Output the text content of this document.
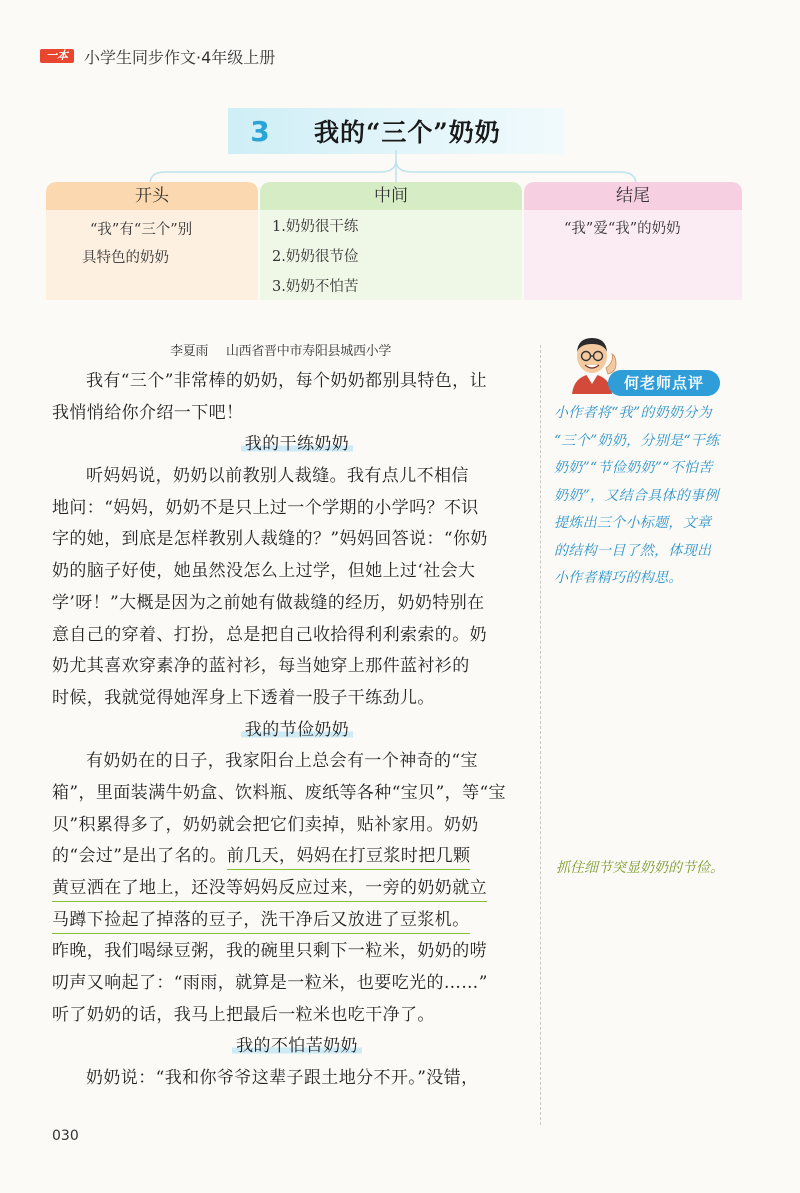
一本	小学生同步作文·4年级上册
3	我的“三个”奶奶
开头
“我”有“三个”别
具特色的奶奶
中间
1.奶奶很干练
2.奶奶很节俭
3.奶奶不怕苦
结尾
“我”爱“我”的奶奶
李夏雨 山西省晋中市寿阳县城西小学
我有“三个”非常棒的奶奶，每个奶奶都别具特色，让
我悄悄给你介绍一下吧！
我的干练奶奶
听妈妈说，奶奶以前教别人裁缝。我有点儿不相信
地问：“妈妈，奶奶不是只上过一个学期的小学吗？不识
字的她，到底是怎样教别人裁缝的？”妈妈回答说：“你奶
奶的脑子好使，她虽然没怎么上过学，但她上过‘社会大
学’呀！”大概是因为之前她有做裁缝的经历，奶奶特别在
意自己的穿着、打扮，总是把自己收拾得利利索索的。奶
奶尤其喜欢穿素净的蓝衬衫，每当她穿上那件蓝衬衫的
时候，我就觉得她浑身上下透着一股子干练劲儿。
我的节俭奶奶
有奶奶在的日子，我家阳台上总会有一个神奇的“宝
箱”，里面装满牛奶盒、饮料瓶、废纸等各种“宝贝”，等“宝
贝”积累得多了，奶奶就会把它们卖掉，贴补家用。奶奶
的“会过”是出了名的。前几天，妈妈在打豆浆时把几颗
黄豆洒在了地上，还没等妈妈反应过来，一旁的奶奶就立
马蹲下捡起了掉落的豆子，洗干净后又放进了豆浆机。
昨晚，我们喝绿豆粥，我的碗里只剩下一粒米，奶奶的唠
叨声又响起了：“雨雨，就算是一粒米，也要吃光的……”
听了奶奶的话，我马上把最后一粒米也吃干净了。
我的不怕苦奶奶
奶奶说：“我和你爷爷这辈子跟土地分不开。”没错，
何老师点评
小作者将“我”的奶奶分为
“三个”奶奶，分别是“干练
奶奶”“节俭奶奶”“不怕苦
奶奶”，又结合具体的事例
提炼出三个小标题，文章
的结构一目了然，体现出
小作者精巧的构思。
抓住细节突显奶奶的节俭。
030
